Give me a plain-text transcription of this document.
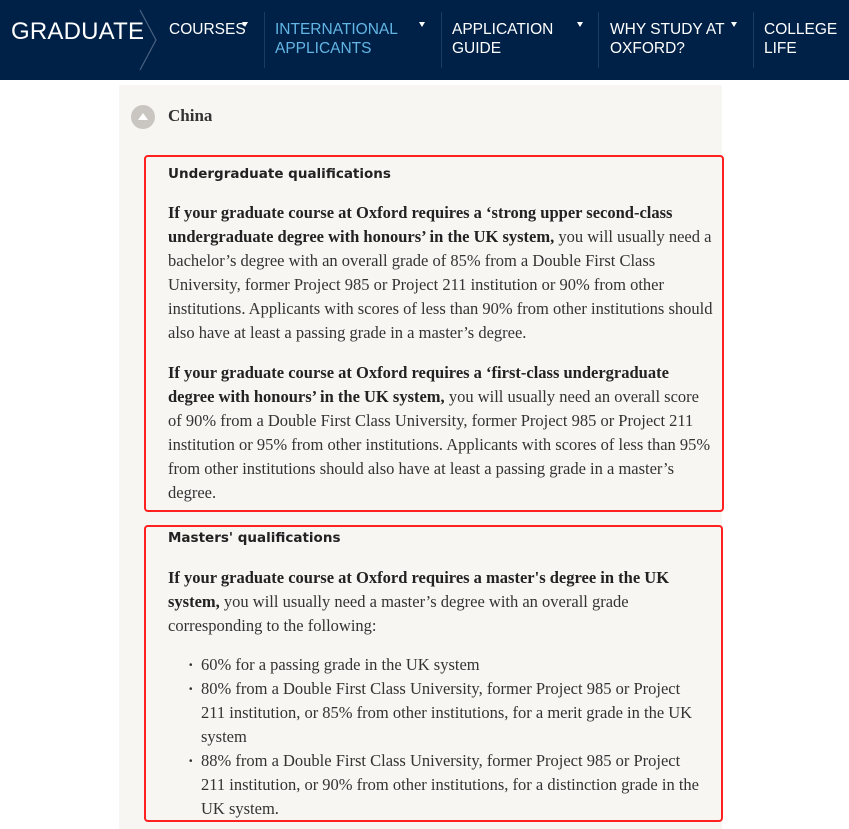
GRADUATE COURSES INTERNATIONAL
APPLICANTS
APPLICATION
GUIDE
WHY STUDY AT
OXFORD?
COLLEGE
LIFE
China
Undergraduate qualifications

If your graduate course at Oxford requires a ‘strong upper second-class undergraduate degree with honours’ in the UK system, you will usually need a bachelor’s degree with an overall grade of 85% from a Double First Class University, former Project 985 or Project 211 institution or 90% from other institutions. Applicants with scores of less than 90% from other institutions should also have at least a passing grade in a master’s degree.

If your graduate course at Oxford requires a ‘first-class undergraduate degree with honours’ in the UK system, you will usually need an overall score of 90% from a Double First Class University, former Project 985 or Project 211 institution or 95% from other institutions. Applicants with scores of less than 95% from other institutions should also have at least a passing grade in a master’s degree.

Masters' qualifications

If your graduate course at Oxford requires a master's degree in the UK system, you will usually need a master’s degree with an overall grade corresponding to the following:

· 60% for a passing grade in the UK system
· 80% from a Double First Class University, former Project 985 or Project 211 institution, or 85% from other institutions, for a merit grade in the UK system
· 88% from a Double First Class University, former Project 985 or Project 211 institution, or 90% from other institutions, for a distinction grade in the UK system.
